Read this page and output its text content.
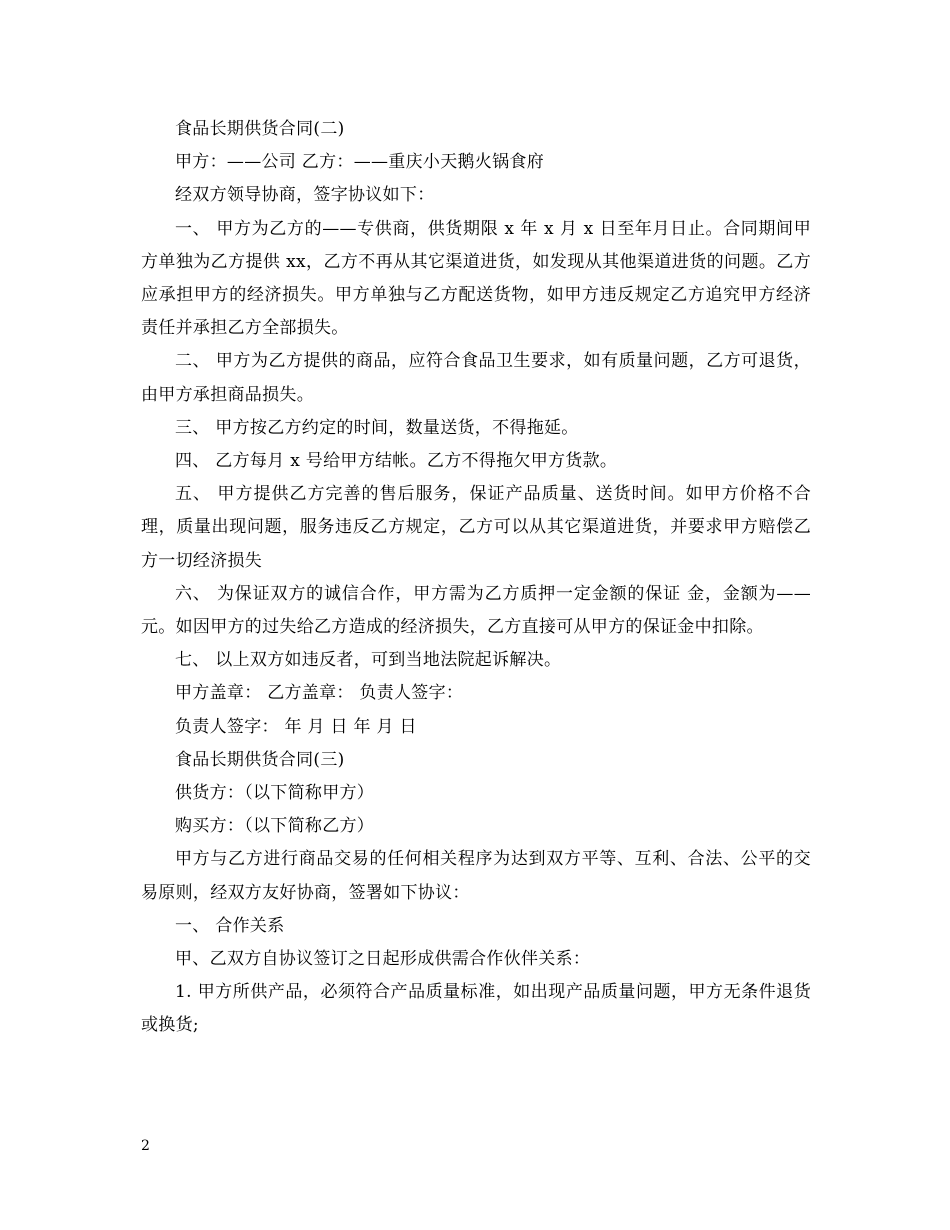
食品长期供货合同(二)

甲方：——公司 乙方：——重庆小天鹅火锅食府

经双方领导协商，签字协议如下：

一、 甲方为乙方的——专供商，供货期限 x 年 x 月 x 日至年月日止。合同期间甲方单独为乙方提供 xx，乙方不再从其它渠道进货，如发现从其他渠道进货的问题。乙方应承担甲方的经济损失。甲方单独与乙方配送货物，如甲方违反规定乙方追究甲方经济责任并承担乙方全部损失。

二、 甲方为乙方提供的商品，应符合食品卫生要求，如有质量问题，乙方可退货，由甲方承担商品损失。

三、 甲方按乙方约定的时间，数量送货，不得拖延。

四、 乙方每月 x 号给甲方结帐。乙方不得拖欠甲方货款。

五、 甲方提供乙方完善的售后服务，保证产品质量、送货时间。如甲方价格不合理，质量出现问题，服务违反乙方规定，乙方可以从其它渠道进货，并要求甲方赔偿乙方一切经济损失

六、 为保证双方的诚信合作，甲方需为乙方质押一定金额的保证 金，金额为——元。如因甲方的过失给乙方造成的经济损失，乙方直接可从甲方的保证金中扣除。

七、 以上双方如违反者，可到当地法院起诉解决。

甲方盖章： 乙方盖章： 负责人签字：

负责人签字： 年 月 日 年 月 日

食品长期供货合同(三)

供货方：（以下简称甲方）

购买方：（以下简称乙方）

甲方与乙方进行商品交易的任何相关程序为达到双方平等、互利、合法、公平的交易原则，经双方友好协商，签署如下协议：

一、 合作关系

甲、乙双方自协议签订之日起形成供需合作伙伴关系：

1. 甲方所供产品，必须符合产品质量标准，如出现产品质量问题，甲方无条件退货或换货;

2
